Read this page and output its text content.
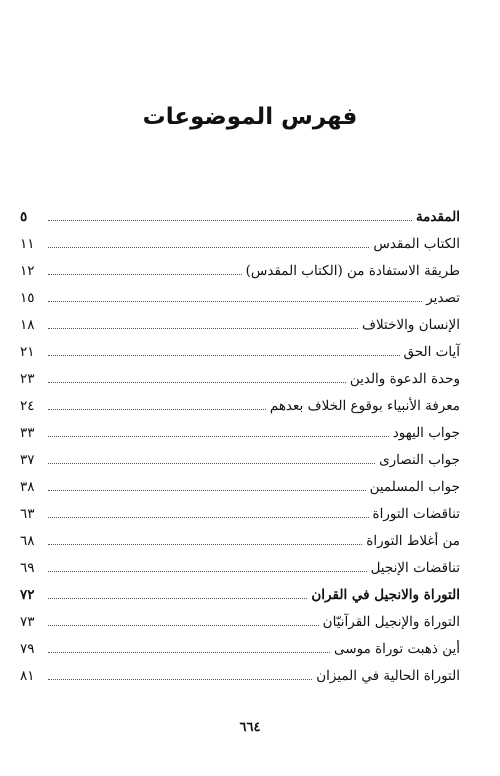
فهرس الموضوعات
المقدمة
٥
الكتاب المقدس
١١
طريقة الاستفادة من (الكتاب المقدس)
١٢
تصدير
١٥
الإنسان والاختلاف
١٨
آيات الحق
٢١
وحدة الدعوة والدين
٢٣
معرفة الأنبياء بوقوع الخلاف بعدهم
٢٤
جواب اليهود
٣٣
جواب النصارى
٣٧
جواب المسلمين
٣٨
تناقضات التوراة
٦٣
من أغلاط التوراة
٦٨
تناقضات الإنجيل
٦٩
التوراة والانجيل في القران
٧٢
التوراة والإنجيل القرآنيّان
٧٣
أين ذهبت توراة موسى
٧٩
التوراة الحالية في الميزان
٨١
٦٦٤
